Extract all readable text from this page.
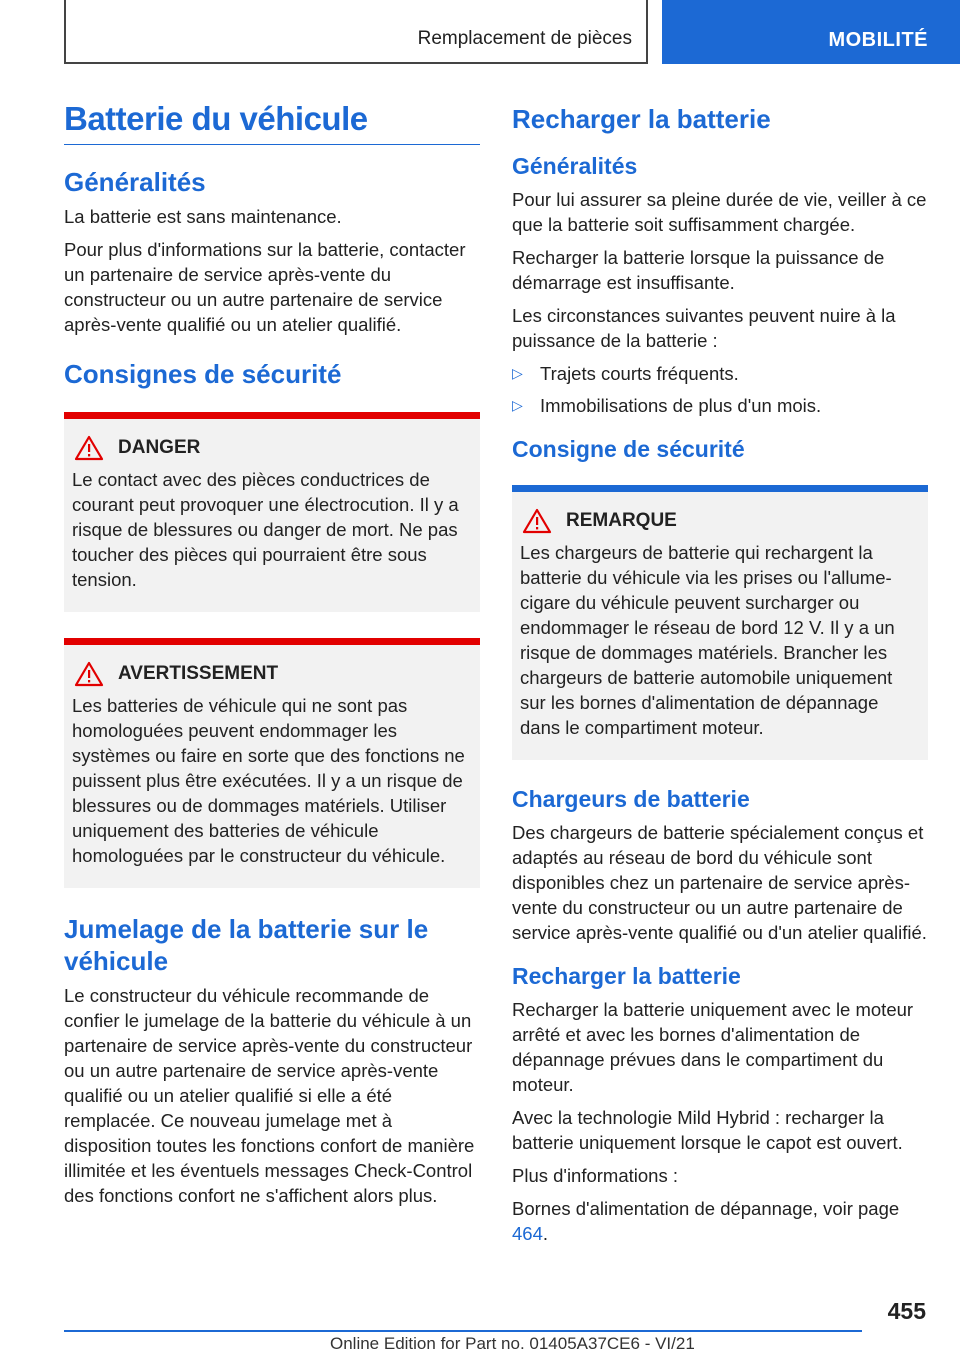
Remplacement de pièces	MOBILITÉ
Batterie du véhicule
Généralités

La batterie est sans maintenance.

Pour plus d'informations sur la batterie, contacter un partenaire de service après-vente du constructeur ou un autre partenaire de service après-vente qualifié ou un atelier qualifié.

Consignes de sécurité
DANGER

Le contact avec des pièces conductrices de courant peut provoquer une électrocution. Il y a risque de blessures ou danger de mort. Ne pas toucher des pièces qui pourraient être sous tension.

AVERTISSEMENT

Les batteries de véhicule qui ne sont pas homologuées peuvent endommager les systèmes ou faire en sorte que des fonctions ne puissent plus être exécutées. Il y a un risque de blessures ou de dommages matériels. Utiliser uniquement des batteries de véhicule homologuées par le constructeur du véhicule.

Jumelage de la batterie sur le véhicule

Le constructeur du véhicule recommande de confier le jumelage de la batterie du véhicule à un partenaire de service après-vente du constructeur ou un autre partenaire de service après-vente qualifié ou un atelier qualifié si elle a été remplacée. Ce nouveau jumelage met à disposition toutes les fonctions confort de manière illimitée et les éventuels messages Check-Control des fonctions confort ne s'affichent alors plus.

Recharger la batterie
Généralités

Pour lui assurer sa pleine durée de vie, veiller à ce que la batterie soit suffisamment chargée.

Recharger la batterie lorsque la puissance de démarrage est insuffisante.

Les circonstances suivantes peuvent nuire à la puissance de la batterie :

▷ Trajets courts fréquents.
▷ Immobilisations de plus d'un mois.
Consigne de sécurité
REMARQUE

Les chargeurs de batterie qui rechargent la batterie du véhicule via les prises ou l'allume-cigare du véhicule peuvent surcharger ou endommager le réseau de bord 12 V. Il y a un risque de dommages matériels. Brancher les chargeurs de batterie automobile uniquement sur les bornes d'alimentation de dépannage dans le compartiment moteur.

Chargeurs de batterie

Des chargeurs de batterie spécialement conçus et adaptés au réseau de bord du véhicule sont disponibles chez un partenaire de service après-vente du constructeur ou un autre partenaire de service après-vente qualifié ou d'un atelier qualifié.

Recharger la batterie

Recharger la batterie uniquement avec le moteur arrêté et avec les bornes d'alimentation de dépannage prévues dans le compartiment du moteur.

Avec la technologie Mild Hybrid : recharger la batterie uniquement lorsque le capot est ouvert.

Plus d'informations :

Bornes d'alimentation de dépannage, voir page 464.

455
Online Edition for Part no. 01405A37CE6 - VI/21
